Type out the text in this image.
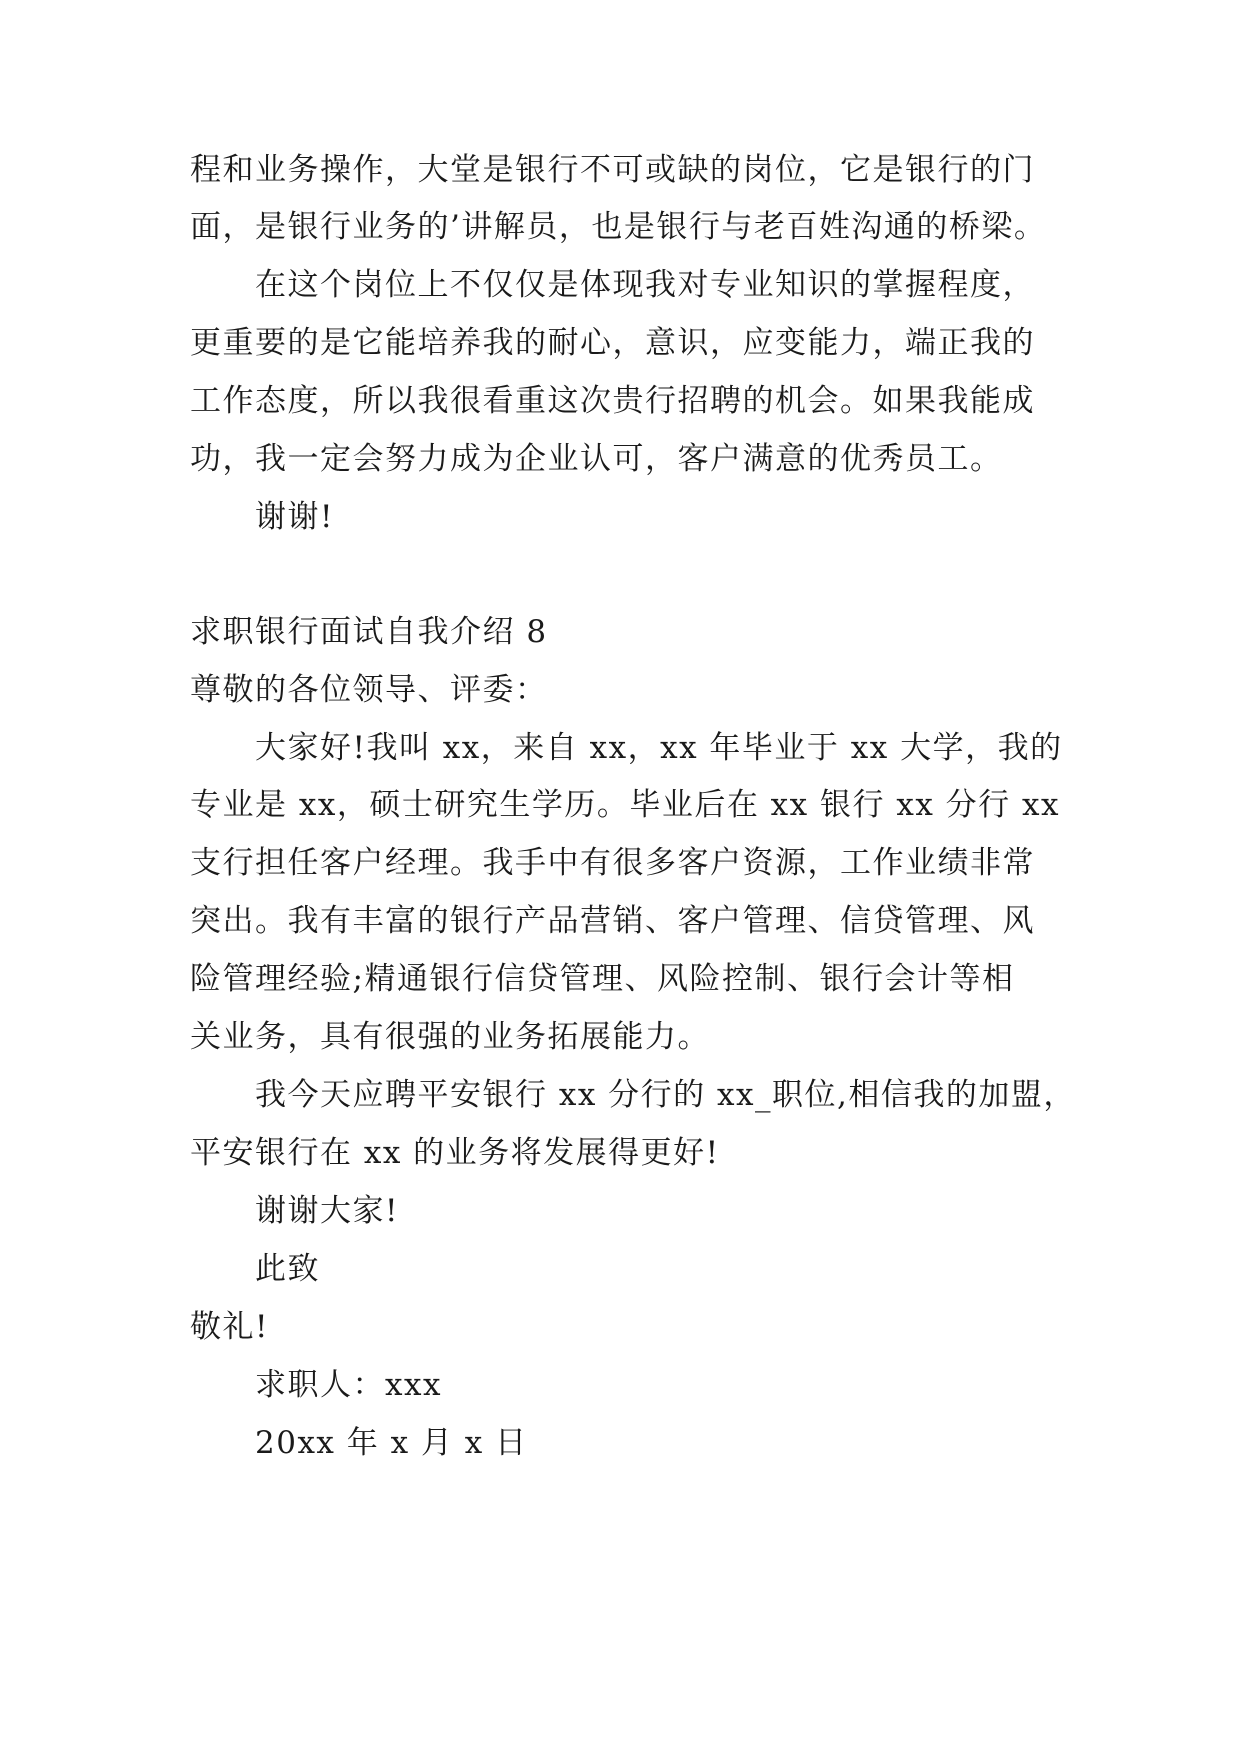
程和业务操作，大堂是银行不可或缺的岗位，它是银行的门
面，是银行业务的’讲解员，也是银行与老百姓沟通的桥梁。
在这个岗位上不仅仅是体现我对专业知识的掌握程度，
更重要的是它能培养我的耐心，意识，应变能力，端正我的
工作态度，所以我很看重这次贵行招聘的机会。如果我能成
功，我一定会努力成为企业认可，客户满意的优秀员工。
谢谢!
求职银行面试自我介绍 8
尊敬的各位领导、评委：
大家好!我叫 xx，来自 xx，xx 年毕业于 xx 大学，我的
专业是 xx，硕士研究生学历。毕业后在 xx 银行 xx 分行 xx
支行担任客户经理。我手中有很多客户资源，工作业绩非常
突出。我有丰富的银行产品营销、客户管理、信贷管理、风
险管理经验;精通银行信贷管理、风险控制、银行会计等相
关业务，具有很强的业务拓展能力。
我今天应聘平安银行 xx 分行的 xx_职位,相信我的加盟，
平安银行在 xx 的业务将发展得更好!
谢谢大家!
此致
敬礼!
求职人：xxx
20xx 年 x 月 x 日
